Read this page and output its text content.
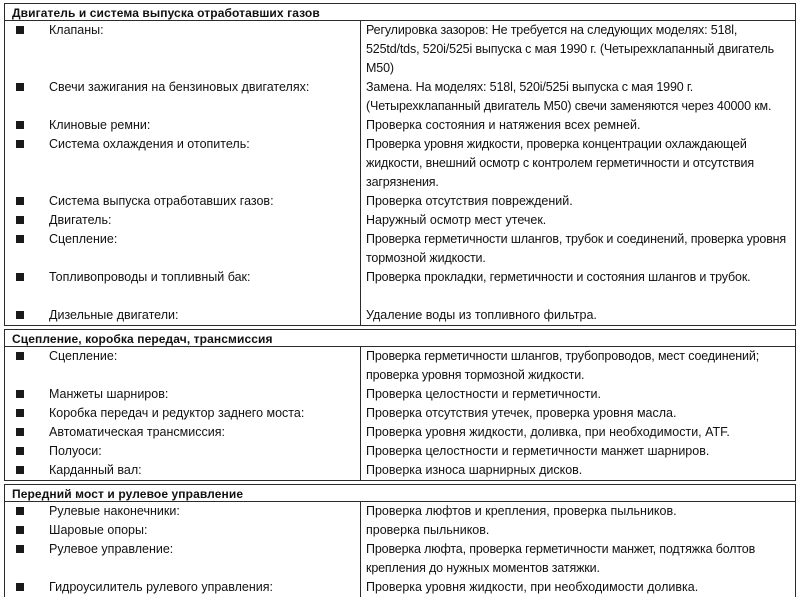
Двигатель и система выпуска отработавших газов
Клапаны:

	Регулировка зазоров: Не требуется на следующих моделях: 518l, 525td/tds, 520i/525i выпуска с мая 1990 г. (Четырехклапанный двигатель M50)
Свечи зажигания на бензиновых двигателях:
	Замена. На моделях: 518l, 520i/525i выпуска с мая 1990 г. (Четырехклапанный двигатель M50) свечи заменяются через 40000 км.
Клиновые ремни:	Проверка состояния и натяжения всех ремней.
Система охлаждения и отопитель:

	Проверка уровня жидкости, проверка концентрации охлаждающей жидкости, внешний осмотр с контролем герметичности и отсутствия загрязнения.
Система выпуска отработавших газов:	Проверка отсутствия повреждений.
Двигатель:	Наружный осмотр мест утечек.
Сцепление:
	Проверка герметичности шлангов, трубок и соединений, проверка уровня тормозной жидкости.
Топливопроводы и топливный бак:
	Проверка прокладки, герметичности и состояния шлангов и трубок.
Дизельные двигатели:	Удаление воды из топливного фильтра.
Сцепление, коробка передач, трансмиссия
Сцепление:
	Проверка герметичности шлангов, трубопроводов, мест соединений; проверка уровня тормозной жидкости.
Манжеты шарниров:	Проверка целостности и герметичности.
Коробка передач и редуктор заднего моста:	Проверка отсутствия утечек, проверка уровня масла.
Автоматическая трансмиссия:	Проверка уровня жидкости, доливка, при необходимости, ATF.
Полуоси:	Проверка целостности и герметичности манжет шарниров.
Карданный вал:	Проверка износа шарнирных дисков.
Передний мост и рулевое управление
Рулевые наконечники:	Проверка люфтов и крепления, проверка пыльников.
Шаровые опоры:	проверка пыльников.
Рулевое управление:
	Проверка люфта, проверка герметичности манжет, подтяжка болтов крепления до нужных моментов затяжки.
Гидроусилитель рулевого управления:	Проверка уровня жидкости, при необходимости доливка.
